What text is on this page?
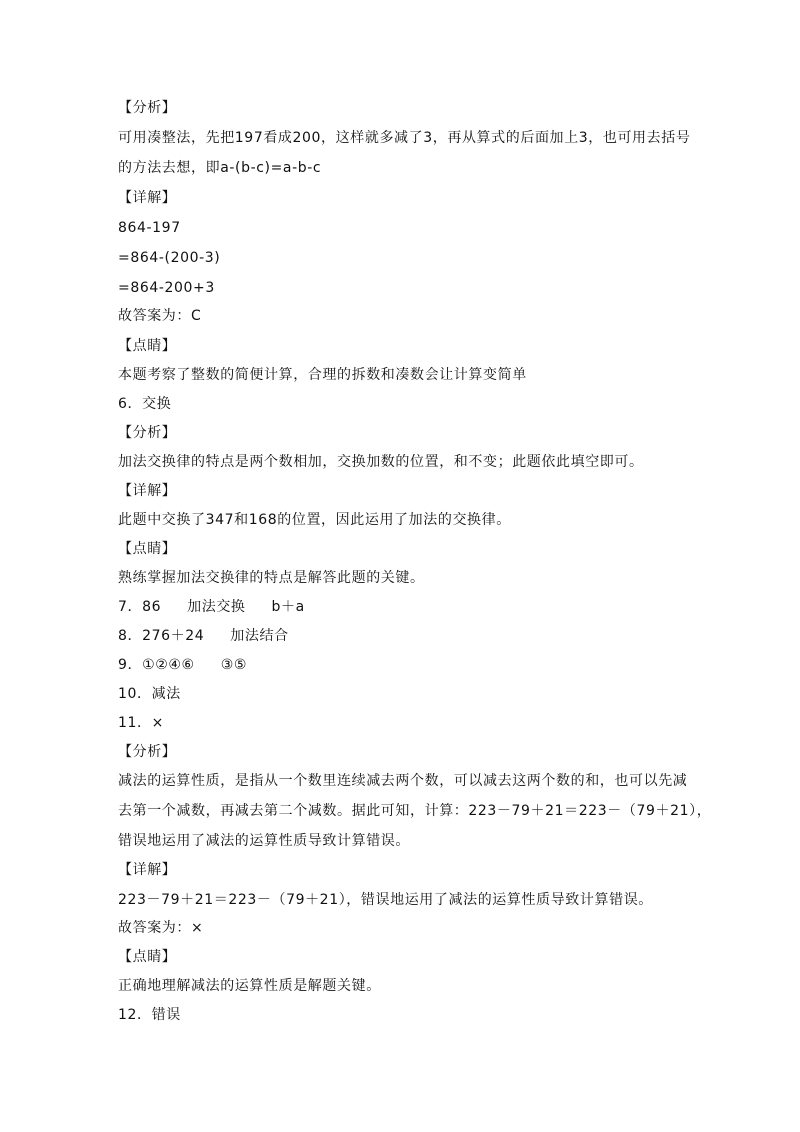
【分析】
可用凑整法，先把197看成200，这样就多减了3，再从算式的后面加上3，也可用去括号
的方法去想，即a-(b-c)=a-b-c
【详解】
864-197
=864-(200-3)
=864-200+3
故答案为：C
【点睛】
本题考察了整数的简便计算，合理的拆数和凑数会让计算变简单
6．交换
【分析】
加法交换律的特点是两个数相加，交换加数的位置，和不变；此题依此填空即可。
【详解】
此题中交换了347和168的位置，因此运用了加法的交换律。
【点睛】
熟练掌握加法交换律的特点是解答此题的关键。
7．86 加法交换 b＋a
8．276＋24 加法结合
9．①②④⑥ ③⑤
10．减法
11．×
【分析】
减法的运算性质，是指从一个数里连续减去两个数，可以减去这两个数的和，也可以先减
去第一个减数，再减去第二个减数。据此可知，计算：223－79＋21＝223－（79＋21），
错误地运用了减法的运算性质导致计算错误。
【详解】
223－79＋21＝223－（79＋21），错误地运用了减法的运算性质导致计算错误。
故答案为：×
【点睛】
正确地理解减法的运算性质是解题关键。
12．错误
